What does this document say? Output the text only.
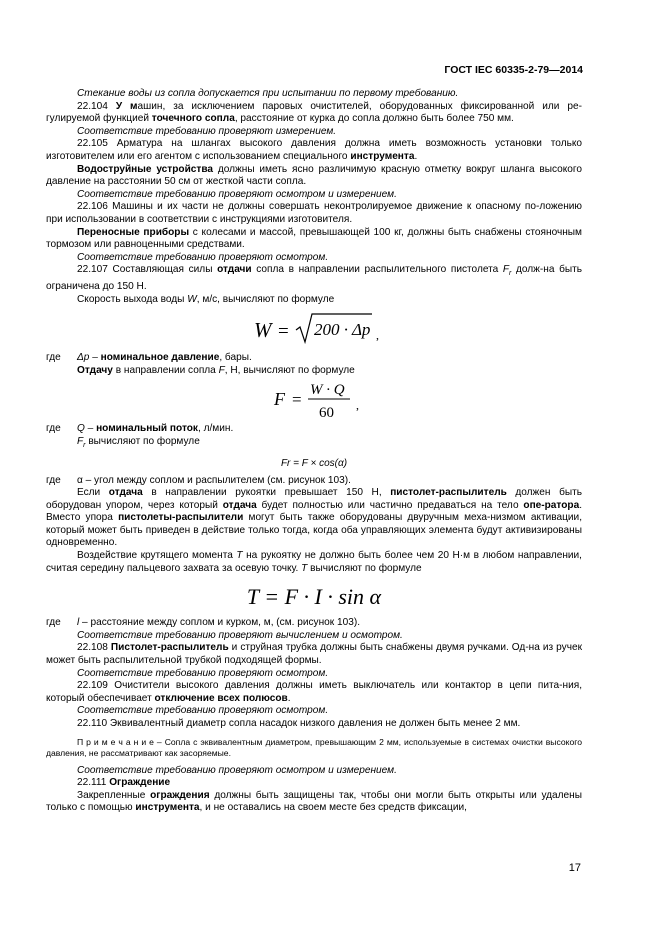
ГОСТ IEC 60335-2-79—2014

Стекание воды из сопла допускается при испытании по первому требованию.

22.104 У машин, за исключением паровых очистителей, оборудованных фиксированной или ре-гулируемой функцией точечного сопла, расстояние от курка до сопла должно быть более 750 мм.

Соответствие требованию проверяют измерением.

22.105 Арматура на шлангах высокого давления должна иметь возможность установки только изготовителем или его агентом с использованием специального инструмента.

Водоструйные устройства должны иметь ясно различимую красную отметку вокруг шланга высокого давление на расстоянии 50 см от жесткой части сопла.

Соответствие требованию проверяют осмотром и измерением.

22.106 Машины и их части не должны совершать неконтролируемое движение к опасному по-ложению при использовании в соответствии с инструкциями изготовителя.

Переносные приборы с колесами и массой, превышающей 100 кг, должны быть снабжены стояночным тормозом или равноценными средствами.

Соответствие требованию проверяют осмотром.

22.107 Составляющая силы отдачи сопла в направлении распылительного пистолета $F_r$ долж-на быть ограничена до 150 Н.

Скорость выхода воды W, м/с, вычисляют по формуле

W = 200 · Δp ,

где Δp – номинальное давление, бары.

Отдачу в направлении сопла F, Н, вычисляют по формуле

F = W · Q
60 ,

где Q – номинальный поток, л/мин.

$F_r$ вычисляют по формуле

Fr = F × cos(α)

где α – угол между соплом и распылителем (см. рисунок 103).

Если отдача в направлении рукоятки превышает 150 Н, пистолет-распылитель должен быть оборудован упором, через который отдача будет полностью или частично предаваться на тело опе-ратора. Вместо упора пистолеты-распылители могут быть также оборудованы двуручным меха-низмом активации, который может быть приведен в действие только тогда, когда оба управляющих элемента будут активизированы одновременно.

Воздействие крутящего момента T на рукоятку не должно быть более чем 20 Н·м в любом направлении, считая середину пальцевого захвата за осевую точку. T вычисляют по формуле

T = F · I · sin α

где l – расстояние между соплом и курком, м, (см. рисунок 103).

Соответствие требованию проверяют вычислением и осмотром.

22.108 Пистолет-распылитель и струйная трубка должны быть снабжены двумя ручками. Од-на из ручек может быть распылительной трубкой подходящей формы.

Соответствие требованию проверяют осмотром.

22.109 Очистители высокого давления должны иметь выключатель или контактор в цепи пита-ния, который обеспечивает отключение всех полюсов.

Соответствие требованию проверяют осмотром.

22.110 Эквивалентный диаметр сопла насадок низкого давления не должен быть менее 2 мм.

П р и м е ч а н и е – Сопла с эквивалентным диаметром, превышающим 2 мм, используемые в системах очистки высокого давления, не рассматривают как засоряемые.

Соответствие требованию проверяют осмотром и измерением.

22.111 Ограждение

Закрепленные ограждения должны быть защищены так, чтобы они могли быть открыты или удалены только с помощью инструмента, и не оставались на своем месте без средств фиксации,

17
